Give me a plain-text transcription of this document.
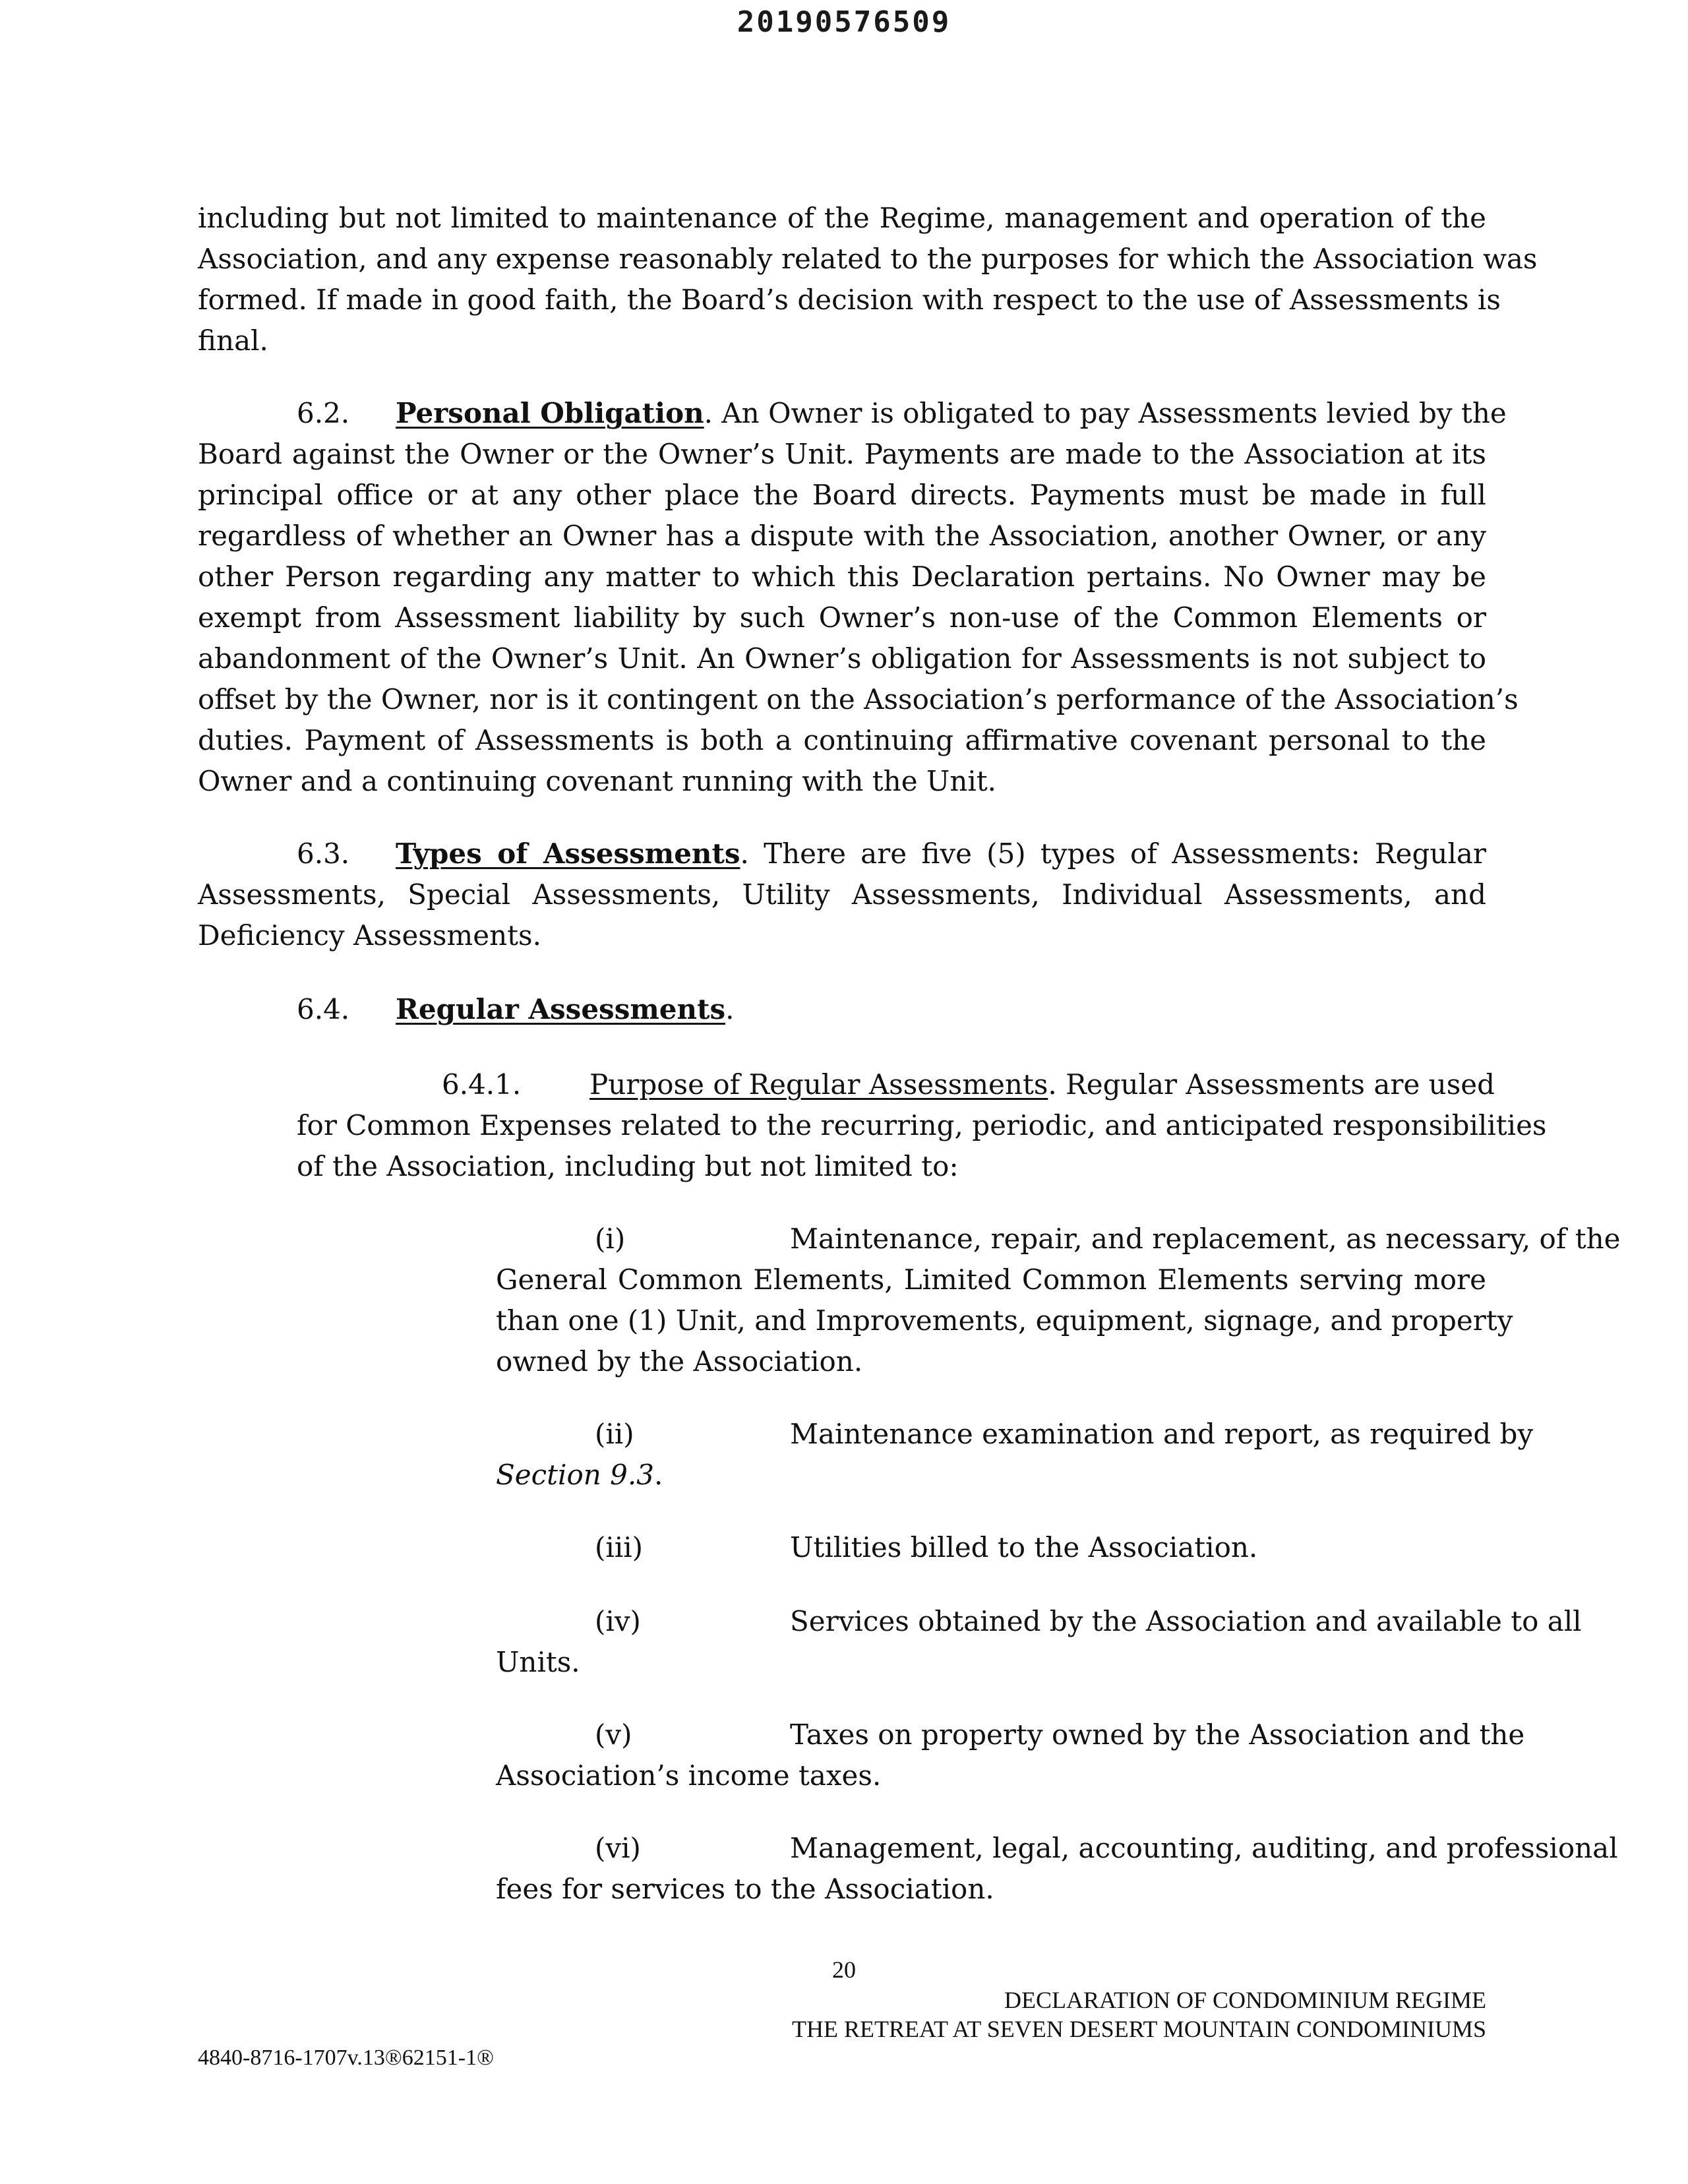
20190576509
including but not limited to maintenance of the Regime, management and operation of the
Association, and any expense reasonably related to the purposes for which the Association was
formed. If made in good faith, the Board’s decision with respect to the use of Assessments is
final.
6.2. Personal Obligation. An Owner is obligated to pay Assessments levied by the
Board against the Owner or the Owner’s Unit. Payments are made to the Association at its
principal office or at any other place the Board directs. Payments must be made in full
regardless of whether an Owner has a dispute with the Association, another Owner, or any
other Person regarding any matter to which this Declaration pertains. No Owner may be
exempt from Assessment liability by such Owner’s non-use of the Common Elements or
abandonment of the Owner’s Unit. An Owner’s obligation for Assessments is not subject to
offset by the Owner, nor is it contingent on the Association’s performance of the Association’s
duties. Payment of Assessments is both a continuing affirmative covenant personal to the
Owner and a continuing covenant running with the Unit.
6.3. Types of Assessments. There are five (5) types of Assessments: Regular
Assessments, Special Assessments, Utility Assessments, Individual Assessments, and
Deficiency Assessments.
6.4. Regular Assessments.
6.4.1. Purpose of Regular Assessments. Regular Assessments are used
for Common Expenses related to the recurring, periodic, and anticipated responsibilities
of the Association, including but not limited to:
(i)	Maintenance, repair, and replacement, as necessary, of the
General Common Elements, Limited Common Elements serving more
than one (1) Unit, and Improvements, equipment, signage, and property
owned by the Association.
(ii)	Maintenance examination and report, as required by
Section 9.3.
(iii)	Utilities billed to the Association.
(iv)	Services obtained by the Association and available to all
Units.
(v)	Taxes on property owned by the Association and the
Association’s income taxes.
(vi)	Management, legal, accounting, auditing, and professional
fees for services to the Association.
20
DECLARATION OF CONDOMINIUM REGIME
THE RETREAT AT SEVEN DESERT MOUNTAIN CONDOMINIUMS
4840-8716-1707v.13®62151-1®
